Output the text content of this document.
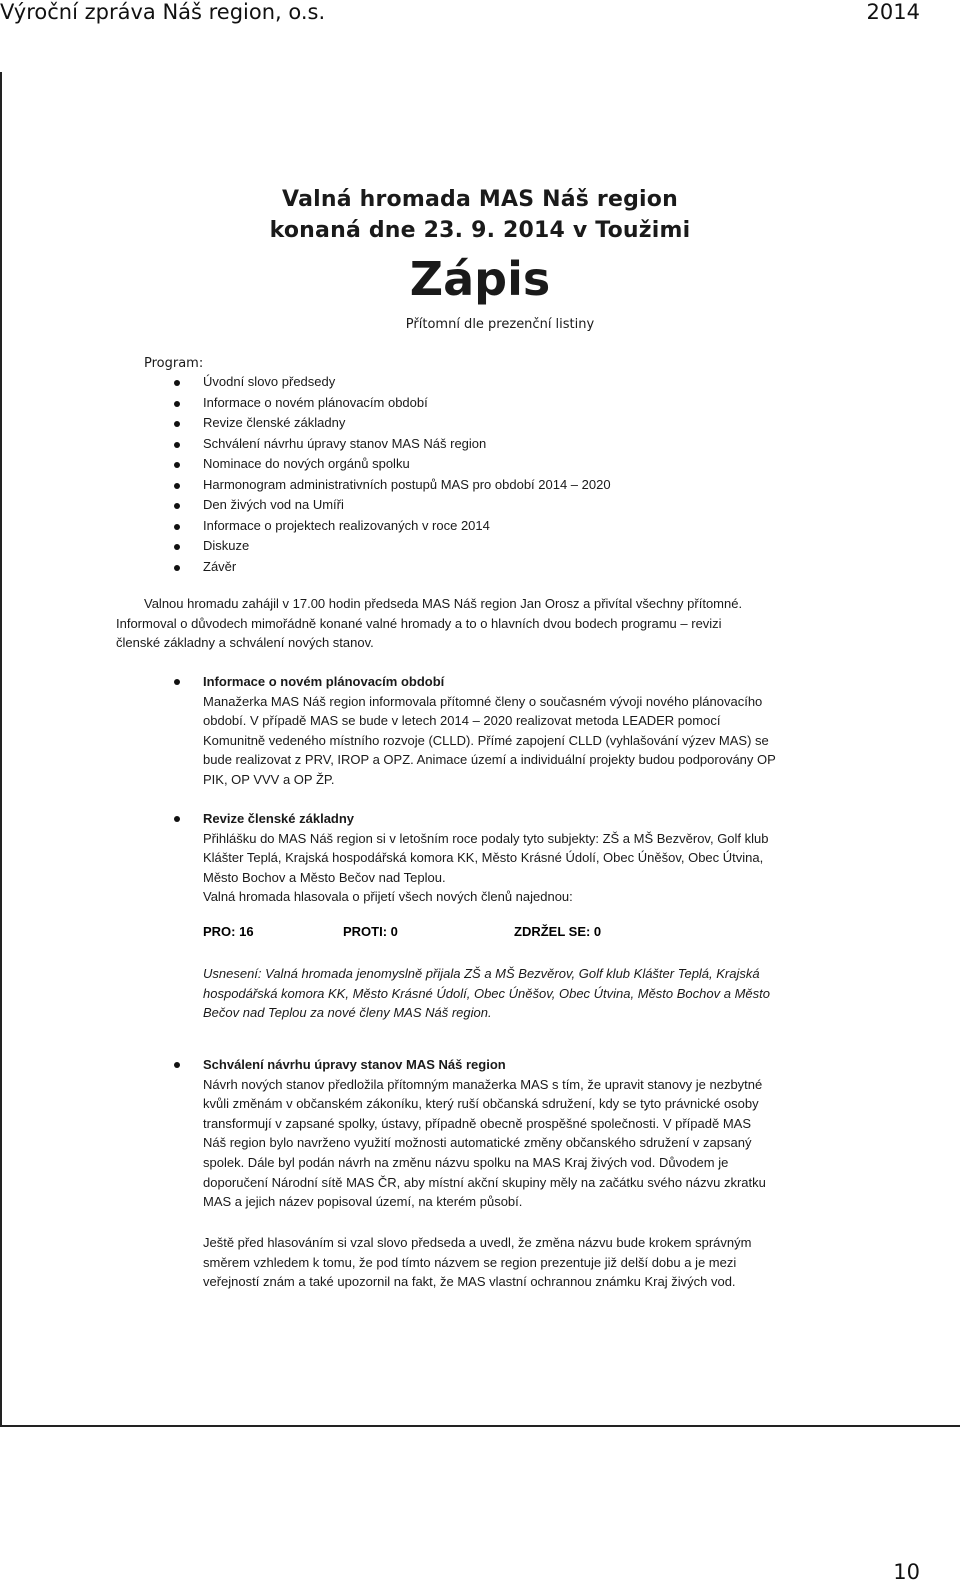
Výroční zpráva Náš region, o.s.	2014
Valná hromada MAS Náš region
konaná dne 23. 9. 2014 v Toužimi
Zápis
Přítomní dle prezenční listiny
Program:
Úvodní slovo předsedy
Informace o novém plánovacím období
Revize členské základny
Schválení návrhu úpravy stanov MAS Náš region
Nominace do nových orgánů spolku
Harmonogram administrativních postupů MAS pro období 2014 – 2020
Den živých vod na Umíři
Informace o projektech realizovaných v roce 2014
Diskuze
Závěr
Valnou hromadu zahájil v 17.00 hodin předseda MAS Náš region Jan Orosz a přivítal všechny přítomné.
Informoval o důvodech mimořádně konané valné hromady a to o hlavních dvou bodech programu – revizi
členské základny a schválení nových stanov.
Informace o novém plánovacím období
Manažerka MAS Náš region informovala přítomné členy o současném vývoji nového plánovacího
období. V případě MAS se bude v letech 2014 – 2020 realizovat metoda LEADER pomocí
Komunitně vedeného místního rozvoje (CLLD). Přímé zapojení CLLD (vyhlašování výzev MAS) se
bude realizovat z PRV, IROP a OPZ. Animace území a individuální projekty budou podporovány OP
PIK, OP VVV a OP ŽP.
Revize členské základny
Přihlášku do MAS Náš region si v letošním roce podaly tyto subjekty: ZŠ a MŠ Bezvěrov, Golf klub
Klášter Teplá, Krajská hospodářská komora KK, Město Krásné Údolí, Obec Úněšov, Obec Útvina,
Město Bochov a Město Bečov nad Teplou.
Valná hromada hlasovala o přijetí všech nových členů najednou:
PRO: 16	PROTI: 0	ZDRŽEL SE: 0
Usnesení: Valná hromada jenomyslně přijala ZŠ a MŠ Bezvěrov, Golf klub Klášter Teplá, Krajská
hospodářská komora KK, Město Krásné Údolí, Obec Úněšov, Obec Útvina, Město Bochov a Město
Bečov nad Teplou za nové členy MAS Náš region.
Schválení návrhu úpravy stanov MAS Náš region
Návrh nových stanov předložila přítomným manažerka MAS s tím, že upravit stanovy je nezbytné
kvůli změnám v občanském zákoníku, který ruší občanská sdružení, kdy se tyto právnické osoby
transformují v zapsané spolky, ústavy, případně obecně prospěšné společnosti. V případě MAS
Náš region bylo navrženo využití možnosti automatické změny občanského sdružení v zapsaný
spolek. Dále byl podán návrh na změnu názvu spolku na MAS Kraj živých vod. Důvodem je
doporučení Národní sítě MAS ČR, aby místní akční skupiny měly na začátku svého názvu zkratku
MAS a jejich název popisoval území, na kterém působí.
Ještě před hlasováním si vzal slovo předseda a uvedl, že změna názvu bude krokem správným
směrem vzhledem k tomu, že pod tímto názvem se region prezentuje již delší dobu a je mezi
veřejností znám a také upozornil na fakt, že MAS vlastní ochrannou známku Kraj živých vod.
10
